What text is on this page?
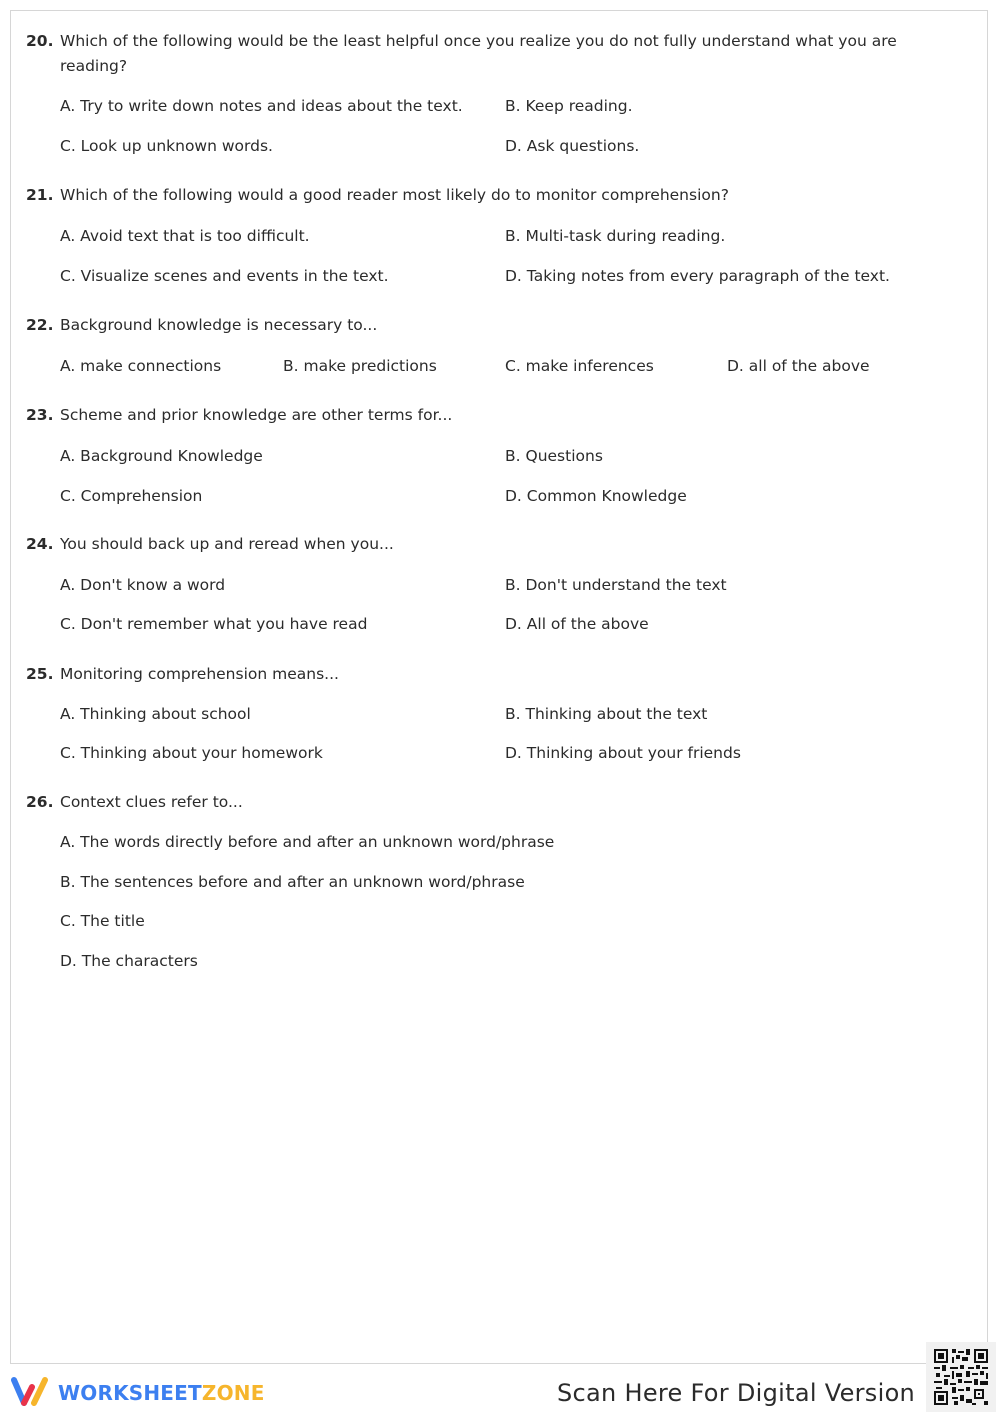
20. Which of the following would be the least helpful once you realize you do not fully understand what you are reading?
A. Try to write down notes and ideas about the text.	B. Keep reading.
C. Look up unknown words.	D. Ask questions.
21. Which of the following would a good reader most likely do to monitor comprehension?
A. Avoid text that is too difficult.	B. Multi-task during reading.
C. Visualize scenes and events in the text.	D. Taking notes from every paragraph of the text.
22. Background knowledge is necessary to...
A. make connections	B. make predictions	C. make inferences	D. all of the above
23. Scheme and prior knowledge are other terms for...
A. Background Knowledge	B. Questions
C. Comprehension	D. Common Knowledge
24. You should back up and reread when you...
A. Don't know a word	B. Don't understand the text
C. Don't remember what you have read	D. All of the above
25. Monitoring comprehension means...
A. Thinking about school	B. Thinking about the text
C. Thinking about your homework	D. Thinking about your friends
26. Context clues refer to...
A. The words directly before and after an unknown word/phrase
B. The sentences before and after an unknown word/phrase
C. The title
D. The characters
WORKSHEETZONE	Scan Here For Digital Version
